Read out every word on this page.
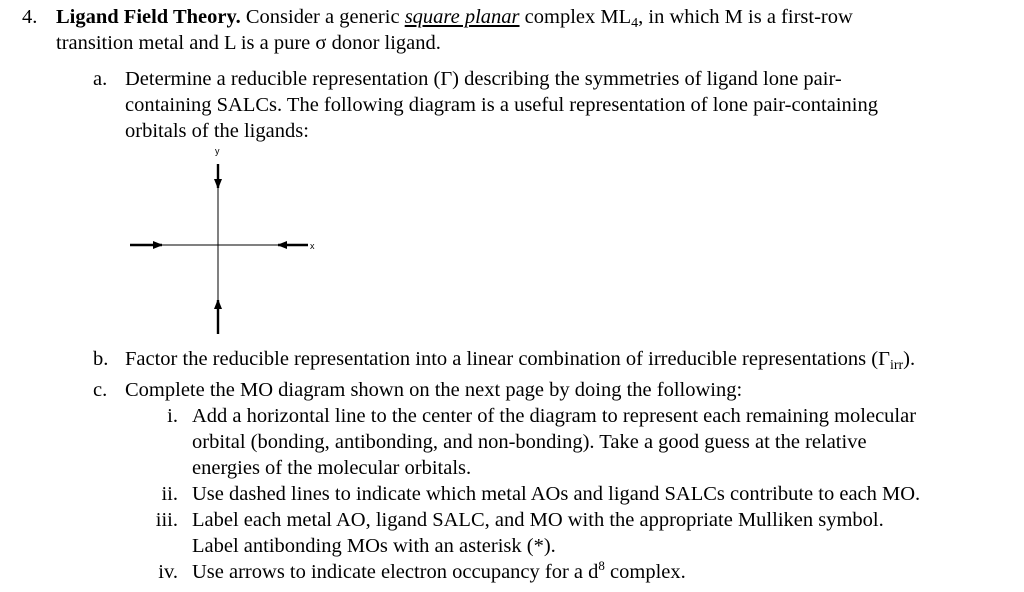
4. Ligand Field Theory. Consider a generic square planar complex $ML_4$, in which M is a first-row
transition metal and L is a pure σ donor ligand.
a. Determine a reducible representation (Γ) describing the symmetries of ligand lone pair-
containing SALCs. The following diagram is a useful representation of lone pair-containing
orbitals of the ligands:
y
x
b. Factor the reducible representation into a linear combination of irreducible representations $(\Gamma_{irr})$.
c. Complete the MO diagram shown on the next page by doing the following:
i. Add a horizontal line to the center of the diagram to represent each remaining molecular
orbital (bonding, antibonding, and non-bonding). Take a good guess at the relative
energies of the molecular orbitals.
ii. Use dashed lines to indicate which metal AOs and ligand SALCs contribute to each MO.
iii. Label each metal AO, ligand SALC, and MO with the appropriate Mulliken symbol.
Label antibonding MOs with an asterisk (*).
iv. Use arrows to indicate electron occupancy for a $d^8$ complex.
